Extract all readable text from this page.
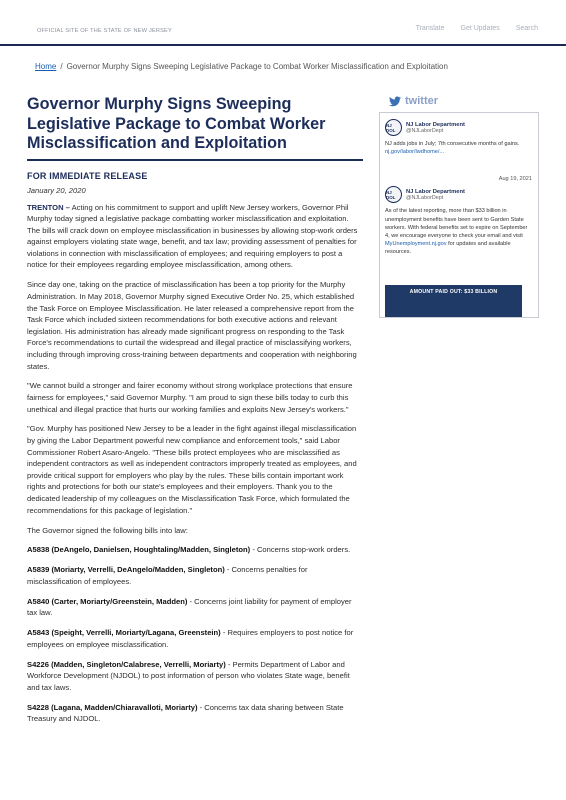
OFFICIAL SITE OF THE STATE OF NEW JERSEY	Translate Get Updates Search
Home / Governor Murphy Signs Sweeping Legislative Package to Combat Worker Misclassification and Exploitation
Governor Murphy Signs Sweeping Legislative Package to Combat Worker Misclassification and Exploitation
FOR IMMEDIATE RELEASE
January 20, 2020

TRENTON – Acting on his commitment to support and uplift New Jersey workers, Governor Phil Murphy today signed a legislative package combatting worker misclassification and exploitation. The bills will crack down on employee misclassification in businesses by allowing stop-work orders against employers violating state wage, benefit, and tax law; providing assessment of penalties for violations in connection with misclassification of employees; and requiring employers to post a notice for their employees regarding employee misclassification, among others.

Since day one, taking on the practice of misclassification has been a top priority for the Murphy Administration. In May 2018, Governor Murphy signed Executive Order No. 25, which established the Task Force on Employee Misclassification. He later released a comprehensive report from the Task Force which included sixteen recommendations for both executive actions and relevant legislation. His administration has already made significant progress on responding to the Task Force's recommendations to curtail the widespread and illegal practice of misclassifying workers, including through improving cross-training between departments and cooperation with neighboring states.

"We cannot build a stronger and fairer economy without strong workplace protections that ensure fairness for employees," said Governor Murphy. "I am proud to sign these bills today to curb this unethical and illegal practice that hurts our working families and exploits New Jersey's workers."

"Gov. Murphy has positioned New Jersey to be a leader in the fight against illegal misclassification by giving the Labor Department powerful new compliance and enforcement tools," said Labor Commissioner Robert Asaro-Angelo. "These bills protect employees who are misclassified as independent contractors as well as independent contractors improperly treated as employees, and provide critical support for employers who play by the rules. These bills contain important work rights and protections for both our state's employees and their employers. Thank you to the dedicated leadership of my colleagues on the Misclassification Task Force, which formulated the recommendations for this package of legislation."

The Governor signed the following bills into law:

A5838 (DeAngelo, Danielsen, Houghtaling/Madden, Singleton) - Concerns stop-work orders.

A5839 (Moriarty, Verrelli, DeAngelo/Madden, Singleton) - Concerns penalties for misclassification of employees.

A5840 (Carter, Moriarty/Greenstein, Madden) - Concerns joint liability for payment of employer tax law.

A5843 (Speight, Verrelli, Moriarty/Lagana, Greenstein) - Requires employers to post notice for employees on employee misclassification.

S4226 (Madden, Singleton/Calabrese, Verrelli, Moriarty) - Permits Department of Labor and Workforce Development (NJDOL) to post information of person who violates State wage, benefit and tax laws.

S4228 (Lagana, Madden/Chiaravalloti, Moriarty) - Concerns tax data sharing between State Treasury and NJDOL.

twitter
NJ DOL
NJ Labor Department
@NJLaborDept
NJ adds jobs in July; 7th consecutive months of gains. nj.gov/labor/lwdhome/...
Aug 19, 2021
NJ DOL
NJ Labor Department
@NJLaborDept
As of the latest reporting, more than $33 billion in unemployment benefits have been sent to Garden State workers. With federal benefits set to expire on September 4, we encourage everyone to check your email and visit MyUnemployment.nj.gov for updates and available resources.
AMOUNT PAID OUT: $33 BILLION
